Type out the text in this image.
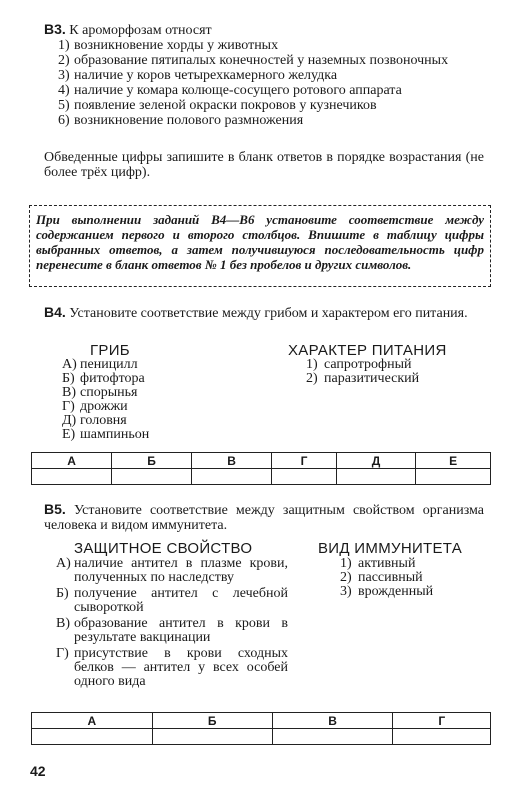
В3. К ароморфозам относят
1) возникновение хорды у животных
2) образование пятипалых конечностей у наземных позвоночных
3) наличие у коров четырехкамерного желудка
4) наличие у комара колюще-сосущего ротового аппарата
5) появление зеленой окраски покровов у кузнечиков
6) возникновение полового размножения
Обведенные цифры запишите в бланк ответов в порядке возрастания (не более трёх цифр).
При выполнении заданий В4—В6 установите соответствие между содержанием первого и второго столбцов. Впишите в таблицу цифры выбранных ответов, а затем получившуюся последовательность цифр перенесите в бланк ответов № 1 без пробелов и других символов.
В4. Установите соответствие между грибом и характером его питания.
ГРИБ	ХАРАКТЕР ПИТАНИЯ
А) пеницилл
Б) фитофтора
В) спорынья
Г) дрожжи
Д) головня
Е) шампиньон
1) сапротрофный
2) паразитический
А	Б	В	Г	Д	Е

В5. Установите соответствие между защитным свойством организма человека и видом иммунитета.
ЗАЩИТНОЕ СВОЙСТВО	ВИД ИММУНИТЕТА
А) наличие антител в плазме крови, полученных по наследству
Б) получение антител с лечебной сывороткой
В) образование антител в крови в результате вакцинации
Г) присутствие в крови сходных белков — антител у всех особей одного вида
1) активный
2) пассивный
3) врожденный
А	Б	В	Г

42
